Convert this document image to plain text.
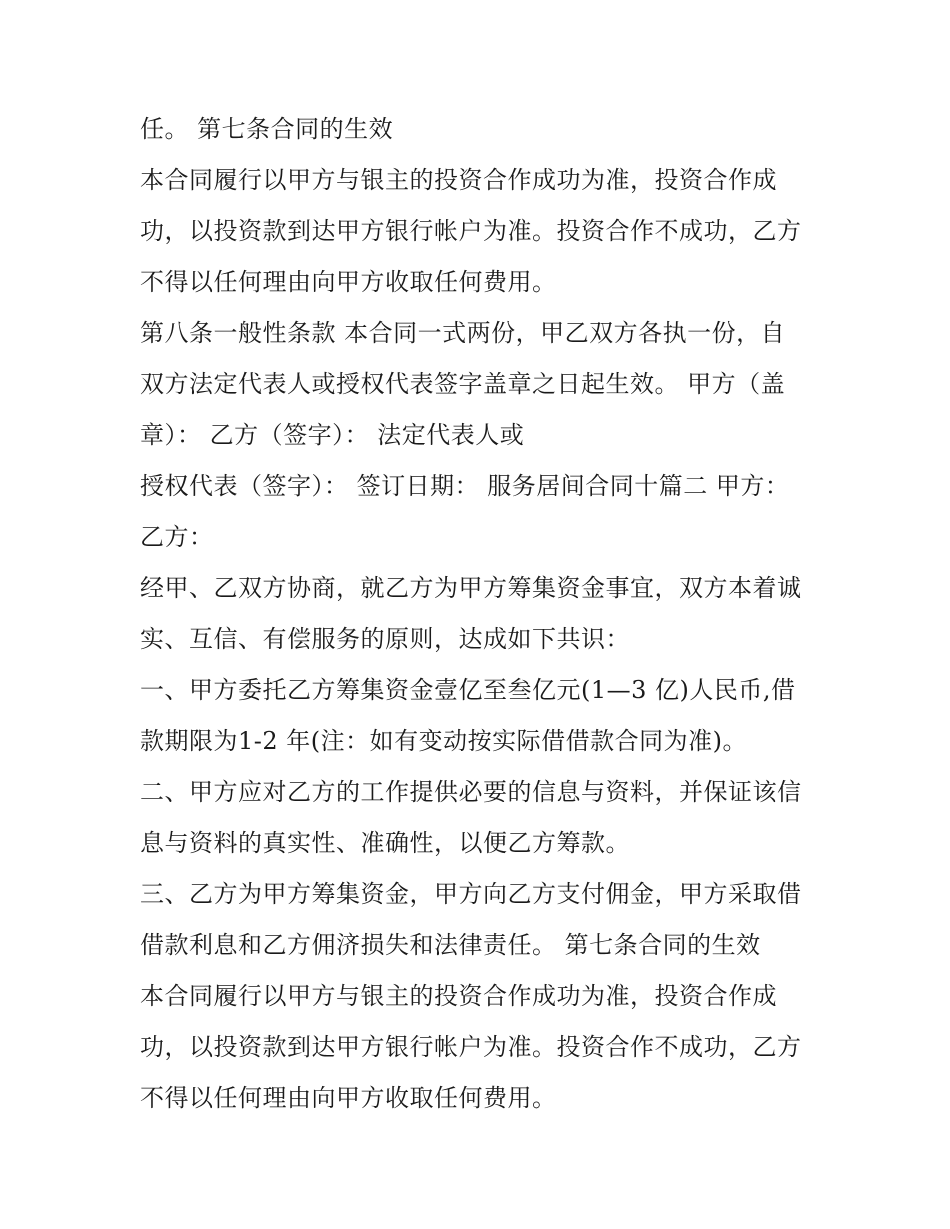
任。 第七条合同的生效
本合同履行以甲方与银主的投资合作成功为准，投资合作成
功，以投资款到达甲方银行帐户为准。投资合作不成功，乙方
不得以任何理由向甲方收取任何费用。
第八条一般性条款 本合同一式两份，甲乙双方各执一份，自
双方法定代表人或授权代表签字盖章之日起生效。 甲方（盖
章）： 乙方（签字）： 法定代表人或
授权代表（签字）： 签订日期： 服务居间合同十篇二 甲方：
乙方：
经甲、乙双方协商，就乙方为甲方筹集资金事宜，双方本着诚
实、互信、有偿服务的原则，达成如下共识：
一、甲方委托乙方筹集资金壹亿至叁亿元(1—3 亿)人民币,借
款期限为1-2 年(注：如有变动按实际借借款合同为准)。
二、甲方应对乙方的工作提供必要的信息与资料，并保证该信
息与资料的真实性、准确性，以便乙方筹款。
三、乙方为甲方筹集资金，甲方向乙方支付佣金，甲方采取借
借款利息和乙方佣济损失和法律责任。 第七条合同的生效
本合同履行以甲方与银主的投资合作成功为准，投资合作成
功，以投资款到达甲方银行帐户为准。投资合作不成功，乙方
不得以任何理由向甲方收取任何费用。
